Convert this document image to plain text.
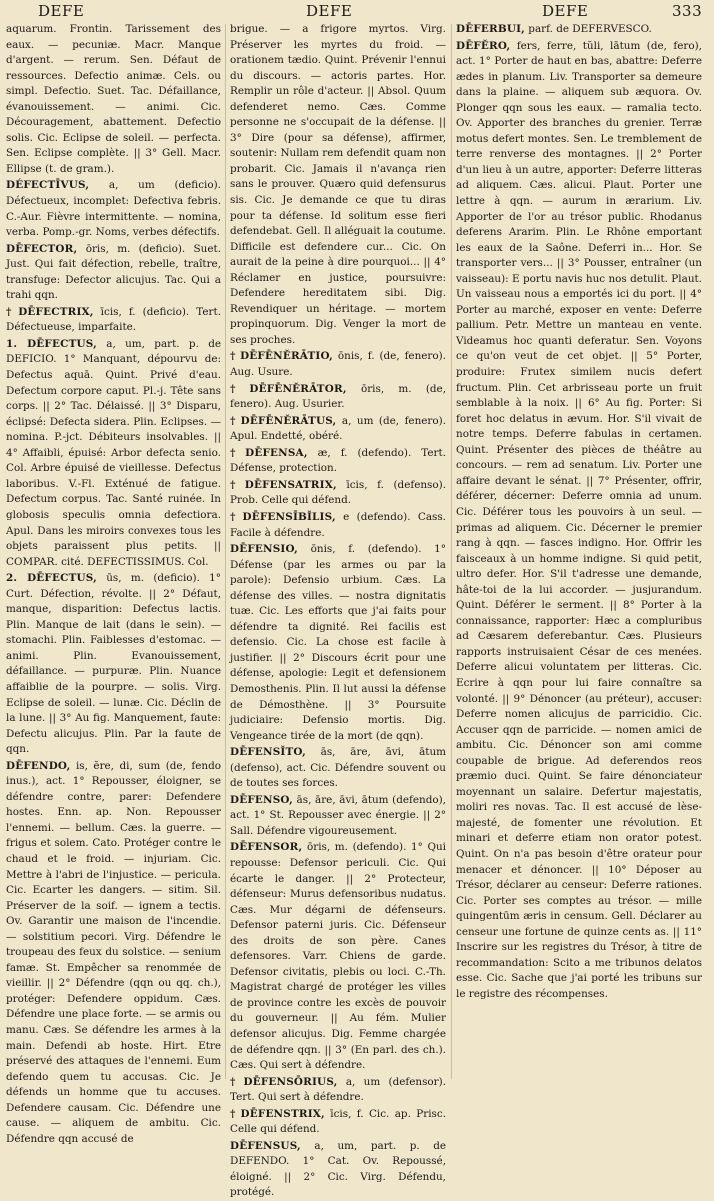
DEFE	DEFE	DEFE	333

aquarum. Frontin. Tarissement des eaux. — pecuniæ. Macr. Manque d'argent. — rerum. Sen. Défaut de ressources. Defectio animæ. Cels. ou simpl. Defectio. Suet. Tac. Défaillance, évanouissement. — animi. Cic. Découragement, abattement. Defectio solis. Cic. Eclipse de soleil. — perfecta. Sen. Eclipse complète. || 3° Gell. Macr. Ellipse (t. de gram.).

DÉFECTĪVUS, a, um (deficio). Défectueux, incomplet: Defectiva febris. C.-Aur. Fièvre intermittente. — nomina, verba. Pomp.-gr. Noms, verbes défectifs.

DĒFECTOR, ōris, m. (deficio). Suet. Just. Qui fait défection, rebelle, traître, transfuge: Defector alicujus. Tac. Qui a trahi qqn.

† DĒFECTRIX, īcis, f. (deficio). Tert. Défectueuse, imparfaite.

1. DĒFECTUS, a, um, part. p. de DEFICIO. 1° Manquant, dépourvu de: Defectus aquā. Quint. Privé d'eau. Defectum corpore caput. Pl.-j. Tête sans corps. || 2° Tac. Délaissé. || 3° Disparu, éclipsé: Defecta sidera. Plin. Eclipses. — nomina. P.-jct. Débiteurs insolvables. || 4° Affaibli, épuisé: Arbor defecta senio. Col. Arbre épuisé de vieillesse. Defectus laboribus. V.-Fl. Exténué de fatigue. Defectum corpus. Tac. Santé ruinée. In globosis speculis omnia defectiora. Apul. Dans les miroirs convexes tous les objets paraissent plus petits. || COMPAR. cité. DEFECTISSIMUS. Col.

2. DĒFECTUS, ūs, m. (deficio). 1° Curt. Défection, révolte. || 2° Défaut, manque, disparition: Defectus lactis. Plin. Manque de lait (dans le sein). — stomachi. Plin. Faiblesses d'estomac. — animi. Plin. Evanouissement, défaillance. — purpuræ. Plin. Nuance affaiblie de la pourpre. — solis. Virg. Eclipse de soleil. — lunæ. Cic. Déclin de la lune. || 3° Au fig. Manquement, faute: Defectu alicujus. Plin. Par la faute de qqn.

DĒFENDO, is, ĕre, di, sum (de, fendo inus.), act. 1° Repousser, éloigner, se défendre contre, parer: Defendere hostes. Enn. ap. Non. Repousser l'ennemi. — bellum. Cæs. la guerre. — frigus et solem. Cato. Protéger contre le chaud et le froid. — injuriam. Cic. Mettre à l'abri de l'injustice. — pericula. Cic. Ecarter les dangers. — sitim. Sil. Préserver de la soif. — ignem a tectis. Ov. Garantir une maison de l'incendie. — solstitium pecori. Virg. Défendre le troupeau des feux du solstice. — senium famæ. St. Empêcher sa renommée de vieillir. || 2° Défendre (qqn ou qq. ch.), protéger: Defendere oppidum. Cæs. Défendre une place forte. — se armis ou manu. Cæs. Se défendre les armes à la main. Defendi ab hoste. Hirt. Etre préservé des attaques de l'ennemi. Eum defendo quem tu accusas. Cic. Je défends un homme que tu accuses. Defendere causam. Cic. Défendre une cause. — aliquem de ambitu. Cic. Défendre qqn accusé de

brigue. — a frigore myrtos. Virg. Préserver les myrtes du froid. — orationem tædio. Quint. Prévenir l'ennui du discours. — actoris partes. Hor. Remplir un rôle d'acteur. || Absol. Quum defenderet nemo. Cæs. Comme personne ne s'occupait de la défense. || 3° Dire (pour sa défense), affirmer, soutenir: Nullam rem defendit quam non probarit. Cic. Jamais il n'avança rien sans le prouver. Quæro quid defensurus sis. Cic. Je demande ce que tu diras pour ta défense. Id solitum esse fieri defendebat. Gell. Il alléguait la coutume. Difficile est defendere cur... Cic. On aurait de la peine à dire pourquoi... || 4° Réclamer en justice, poursuivre: Defendere hereditatem sibi. Dig. Revendiquer un héritage. — mortem propinquorum. Dig. Venger la mort de ses proches.

† DĒFĒNĔRĀTIO, ōnis, f. (de, fenero). Aug. Usure.

† DĒFĒNĔRĀTOR, ōris, m. (de, fenero). Aug. Usurier.

† DĒFĒNĔRĀTUS, a, um (de, fenero). Apul. Endetté, obéré.

† DĒFENSA, æ, f. (defendo). Tert. Défense, protection.

† DĒFENSATRIX, īcis, f. (defenso). Prob. Celle qui défend.

† DĒFENSĪBĬLIS, e (defendo). Cass. Facile à défendre.

DĒFENSIO, ōnis, f. (defendo). 1° Défense (par les armes ou par la parole): Defensio urbium. Cæs. La défense des villes. — nostra dignitatis tuæ. Cic. Les efforts que j'ai faits pour défendre ta dignité. Rei facilis est defensio. Cic. La chose est facile à justifier. || 2° Discours écrit pour une défense, apologie: Legit et defensionem Demosthenis. Plin. Il lut aussi la défense de Démosthène. || 3° Poursuite judiciaire: Defensio mortis. Dig. Vengeance tirée de la mort (de qqn).

DĒFENSĬTO, ās, āre, āvi, ātum (defenso), act. Cic. Défendre souvent ou de toutes ses forces.

DĒFENSO, ās, āre, āvi, ātum (defendo), act. 1° St. Repousser avec énergie. || 2° Sall. Défendre vigoureusement.

DĒFENSOR, ōris, m. (defendo). 1° Qui repousse: Defensor periculi. Cic. Qui écarte le danger. || 2° Protecteur, défenseur: Murus defensoribus nudatus. Cæs. Mur dégarni de défenseurs. Defensor paterni juris. Cic. Défenseur des droits de son père. Canes defensores. Varr. Chiens de garde. Defensor civitatis, plebis ou loci. C.-Th. Magistrat chargé de protéger les villes de province contre les excès de pouvoir du gouverneur. || Au fém. Mulier defensor alicujus. Dig. Femme chargée de défendre qqn. || 3° (En parl. des ch.). Cæs. Qui sert à défendre.

† DĒFENSŌRIUS, a, um (defensor). Tert. Qui sert à défendre.

† DĒFENSTRIX, īcis, f. Cic. ap. Prisc. Celle qui défend.

DĒFENSUS, a, um, part. p. de DEFENDO. 1° Cat. Ov. Repoussé, éloigné. || 2° Cic. Virg. Défendu, protégé.

DĒFERBUI, parf. de DEFERVESCO.

DĒFĔRO, fers, ferre, tŭli, lātum (de, fero), act. 1° Porter de haut en bas, abattre: Deferre ædes in planum. Liv. Transporter sa demeure dans la plaine. — aliquem sub æquora. Ov. Plonger qqn sous les eaux. — ramalia tecto. Ov. Apporter des branches du grenier. Terræ motus defert montes. Sen. Le tremblement de terre renverse des montagnes. || 2° Porter d'un lieu à un autre, apporter: Deferre litteras ad aliquem. Cæs. alicui. Plaut. Porter une lettre à qqn. — aurum in ærarium. Liv. Apporter de l'or au trésor public. Rhodanus deferens Ararim. Plin. Le Rhône emportant les eaux de la Saône. Deferri in... Hor. Se transporter vers... || 3° Pousser, entraîner (un vaisseau): E portu navis huc nos detulit. Plaut. Un vaisseau nous a emportés ici du port. || 4° Porter au marché, exposer en vente: Deferre pallium. Petr. Mettre un manteau en vente. Videamus hoc quanti deferatur. Sen. Voyons ce qu'on veut de cet objet. || 5° Porter, produire: Frutex similem nucis defert fructum. Plin. Cet arbrisseau porte un fruit semblable à la noix. || 6° Au fig. Porter: Si foret hoc delatus in ævum. Hor. S'il vivait de notre temps. Deferre fabulas in certamen. Quint. Présenter des pièces de théâtre au concours. — rem ad senatum. Liv. Porter une affaire devant le sénat. || 7° Présenter, offrir, déférer, décerner: Deferre omnia ad unum. Cic. Déférer tous les pouvoirs à un seul. — primas ad aliquem. Cic. Décerner le premier rang à qqn. — fasces indigno. Hor. Offrir les faisceaux à un homme indigne. Si quid petit, ultro defer. Hor. S'il t'adresse une demande, hâte-toi de la lui accorder. — jusjurandum. Quint. Déférer le serment. || 8° Porter à la connaissance, rapporter: Hæc a compluribus ad Cæsarem deferebantur. Cæs. Plusieurs rapports instruisaient César de ces menées. Deferre alicui voluntatem per litteras. Cic. Ecrire à qqn pour lui faire connaître sa volonté. || 9° Dénoncer (au préteur), accuser: Deferre nomen alicujus de parricidio. Cic. Accuser qqn de parricide. — nomen amici de ambitu. Cic. Dénoncer son ami comme coupable de brigue. Ad deferendos reos præmio duci. Quint. Se faire dénonciateur moyennant un salaire. Defertur majestatis, moliri res novas. Tac. Il est accusé de lèse-majesté, de fomenter une révolution. Et minari et deferre etiam non orator potest. Quint. On n'a pas besoin d'être orateur pour menacer et dénoncer. || 10° Déposer au Trésor, déclarer au censeur: Deferre rationes. Cic. Porter ses comptes au trésor. — mille quingentūm æris in censum. Gell. Déclarer au censeur une fortune de quinze cents as. || 11° Inscrire sur les registres du Trésor, à titre de recommandation: Scito a me tribunos delatos esse. Cic. Sache que j'ai porté les tribuns sur le registre des récompenses.
